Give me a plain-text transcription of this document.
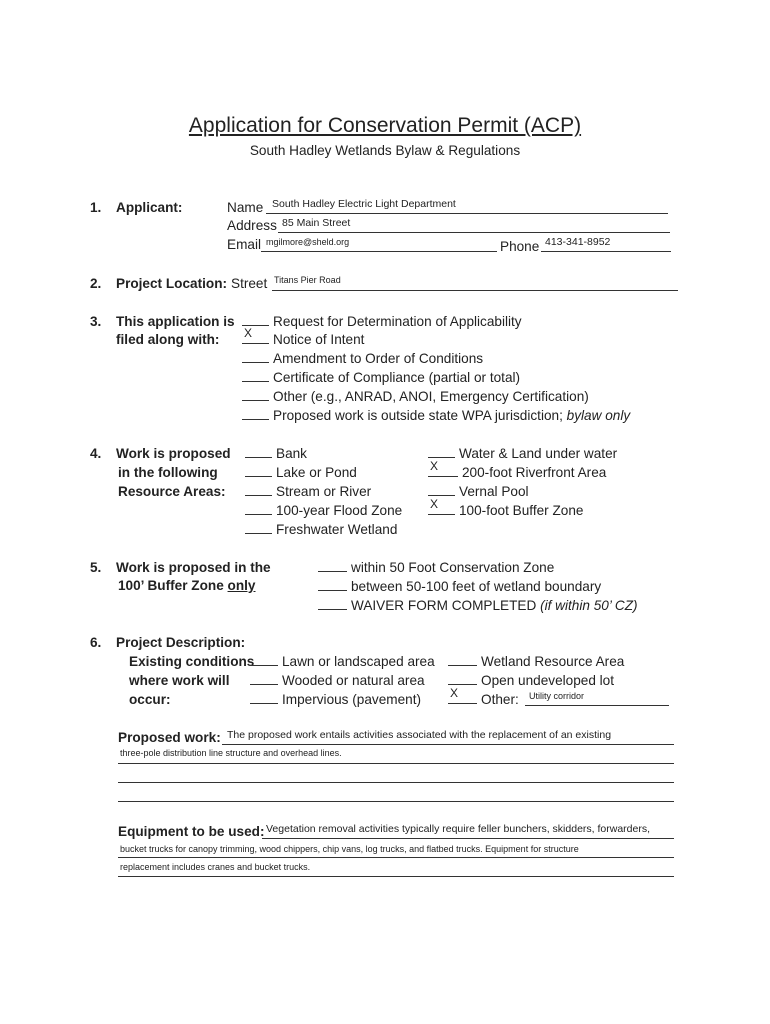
Application for Conservation Permit (ACP)
South Hadley Wetlands Bylaw & Regulations
1. Applicant:	Name South Hadley Electric Light Department
Address 85 Main Street
Email mgilmore@sheld.org	Phone 413-341-8952
2. Project Location: Street Titans Pier Road
3. This application is
filed along with:
Request for Determination of Applicability
X Notice of Intent
Amendment to Order of Conditions
Certificate of Compliance (partial or total)
Other (e.g., ANRAD, ANOI, Emergency Certification)
Proposed work is outside state WPA jurisdiction; bylaw only
4. Work is proposed
in the following
Resource Areas:
Bank
Lake or Pond
Stream or River
100-year Flood Zone
Freshwater Wetland
Water & Land under water
X 200-foot Riverfront Area
Vernal Pool
X 100-foot Buffer Zone
5. Work is proposed in the
100’ Buffer Zone only
within 50 Foot Conservation Zone
between 50-100 feet of wetland boundary
WAIVER FORM COMPLETED (if within 50’ CZ)
6. Project Description:
Existing conditions
where work will
occur:
Lawn or landscaped area
Wooded or natural area
Impervious (pavement)
Wetland Resource Area
Open undeveloped lot
X Other: Utility corridor
Proposed work: The proposed work entails activities associated with the replacement of an existing
three-pole distribution line structure and overhead lines.
Equipment to be used: Vegetation removal activities typically require feller bunchers, skidders, forwarders,
bucket trucks for canopy trimming, wood chippers, chip vans, log trucks, and flatbed trucks. Equipment for structure
replacement includes cranes and bucket trucks.
